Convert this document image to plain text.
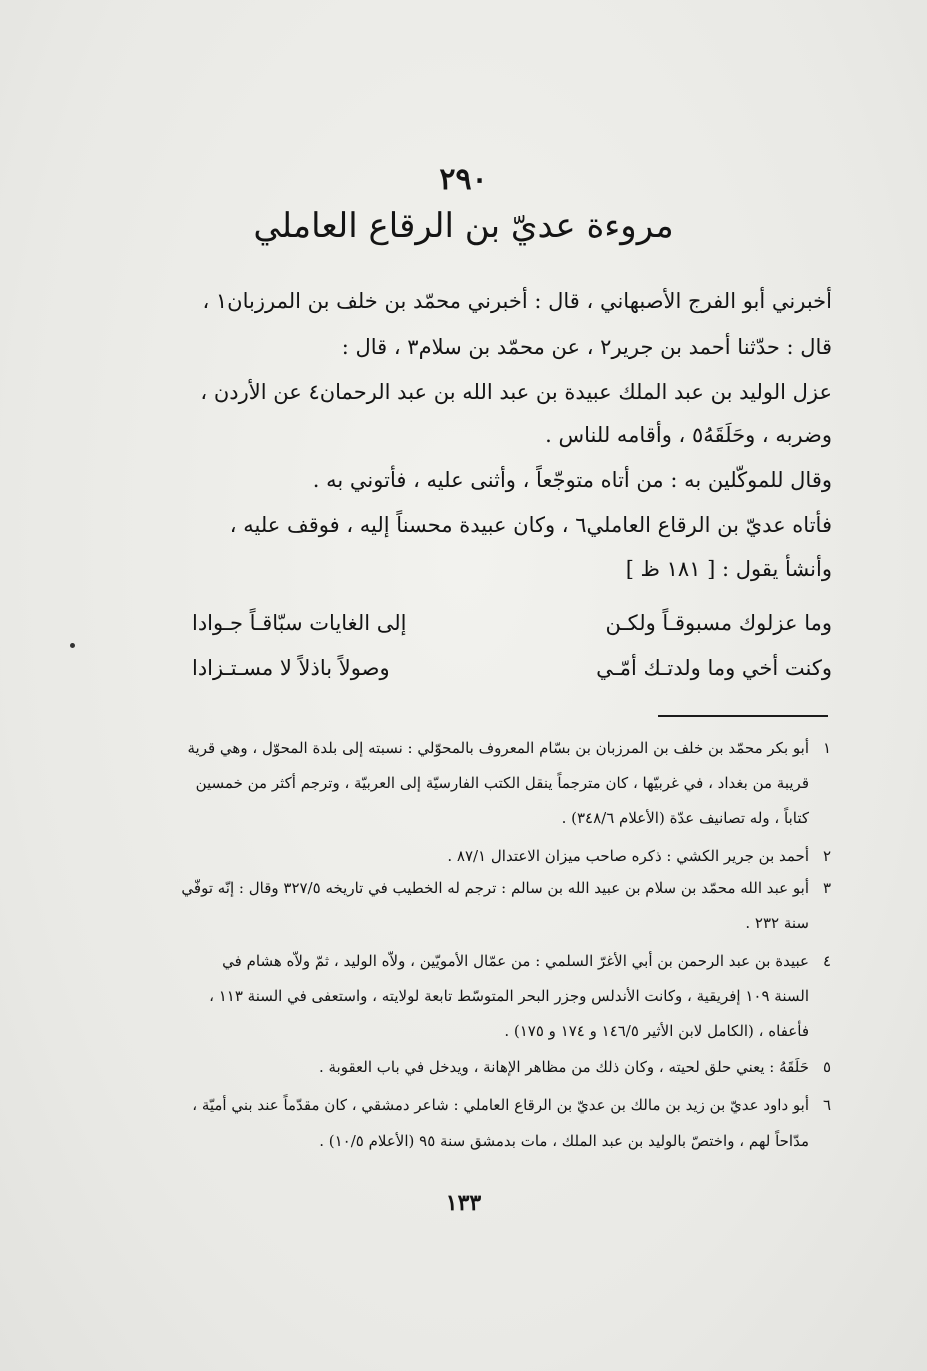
٢٩٠
مروءة عديّ بن الرقاع العاملي
أخبرني أبو الفرج الأصبهاني ، قال : أخبرني محمّد بن خلف بن المرزبان١ ،
قال : حدّثنا أحمد بن جرير٢ ، عن محمّد بن سلام٣ ، قال :
عزل الوليد بن عبد الملك عبيدة بن عبد الله بن عبد الرحمان٤ عن الأردن ،
وضربه ، وحَلَقَهُ٥ ، وأقامه للناس .
وقال للموكّلين به : من أتاه متوجّعاً ، وأثنى عليه ، فأتوني به .
فأتاه عديّ بن الرقاع العاملي٦ ، وكان عبيدة محسناً إليه ، فوقف عليه ،
وأنشأ يقول : [ ١٨١ ظ ]
وما عزلوك مسبوقـاً ولكـن
إلى الغايات سبّاقـاً جـوادا
وكنت أخي وما ولدتـك أمّـي
وصولاً باذلاً لا مسـتـزادا
١
أبو بكر محمّد بن خلف بن المرزبان بن بسّام المعروف بالمحوّلي : نسبته إلى بلدة المحوّل ، وهي قرية
قريبة من بغداد ، في غربيّها ، كان مترجماً ينقل الكتب الفارسيّة إلى العربيّة ، وترجم أكثر من خمسين
كتاباً ، وله تصانيف عدّة (الأعلام ٣٤٨/٦) .
٢
أحمد بن جرير الكشي : ذكره صاحب ميزان الاعتدال ٨٧/١ .
٣
أبو عبد الله محمّد بن سلام بن عبيد الله بن سالم : ترجم له الخطيب في تاريخه ٣٢٧/٥ وقال : إنّه توفّي
سنة ٢٣٢ .
٤
عبيدة بن عبد الرحمن بن أبي الأغرّ السلمي : من عمّال الأمويّين ، ولاّه الوليد ، ثمّ ولاّه هشام في
السنة ١٠٩ إفريقية ، وكانت الأندلس وجزر البحر المتوسّط تابعة لولايته ، واستعفى في السنة ١١٣ ،
فأعفاه ، (الكامل لابن الأثير ١٤٦/٥ و ١٧٤ و ١٧٥) .
٥
حَلَقَهُ : يعني حلق لحيته ، وكان ذلك من مظاهر الإهانة ، ويدخل في باب العقوبة .
٦
أبو داود عديّ بن زيد بن مالك بن عديّ بن الرقاع العاملي : شاعر دمشقي ، كان مقدّماً عند بني أميّة ،
مدّاحاً لهم ، واختصّ بالوليد بن عبد الملك ، مات بدمشق سنة ٩٥ (الأعلام ١٠/٥) .
١٣٣
